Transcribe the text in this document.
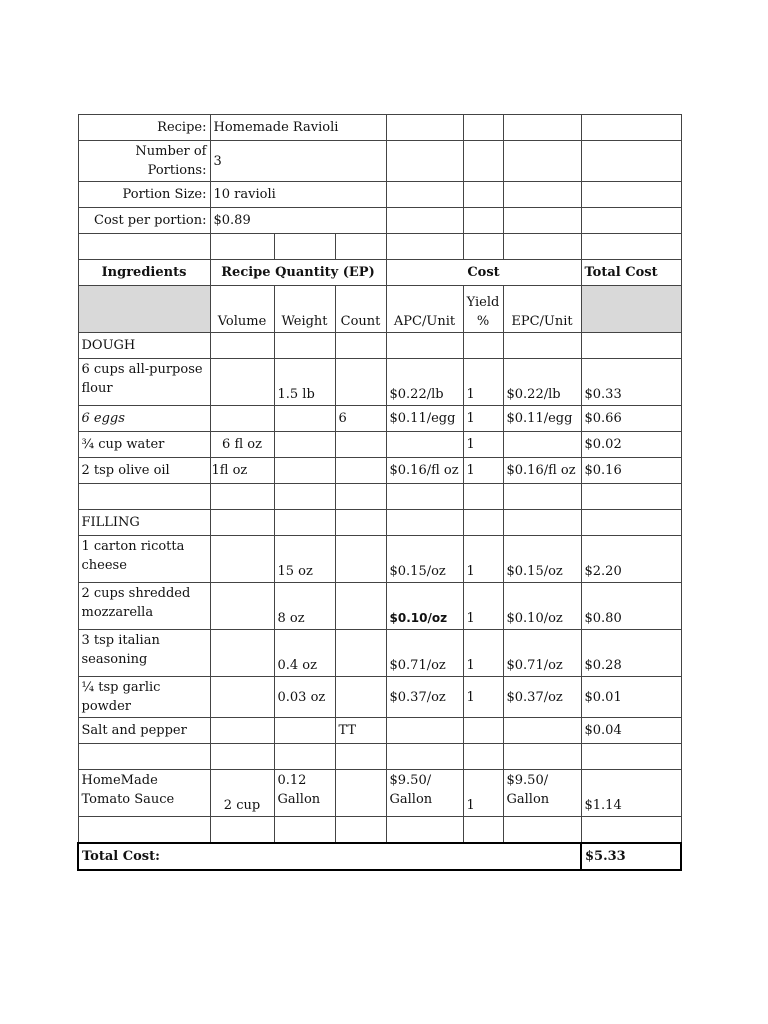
Recipe:	Homemade Ravioli						
Number of Portions:	3						
Portion Size:	10 ravioli						
Cost per portion:	$0.89						

Ingredients	Recipe Quantity (EP)			Cost			Total Cost
	Volume	Weight	Count	APC/Unit	Yield %	EPC/Unit	
DOUGH							
6 cups all-purpose flour		1.5 lb		$0.22/lb	1	$0.22/lb	$0.33
6 eggs			6	$0.11/egg	1	$0.11/egg	$0.66
¾ cup water	6 fl oz				1		$0.02
2 tsp olive oil	1fl oz			$0.16/fl oz	1	$0.16/fl oz	$0.16

FILLING							
1 carton ricotta cheese		15 oz		$0.15/oz	1	$0.15/oz	$2.20
2 cups shredded mozzarella		8 oz		$0.10/oz	1	$0.10/oz	$0.80
3 tsp italian seasoning		0.4 oz		$0.71/oz	1	$0.71/oz	$0.28
¼ tsp garlic powder		0.03 oz		$0.37/oz	1	$0.37/oz	$0.01
Salt and pepper			TT				$0.04

HomeMade Tomato Sauce	2 cup	0.12 Gallon		$9.50/ Gallon	1	$9.50/ Gallon	$1.14

Total Cost:							$5.33
